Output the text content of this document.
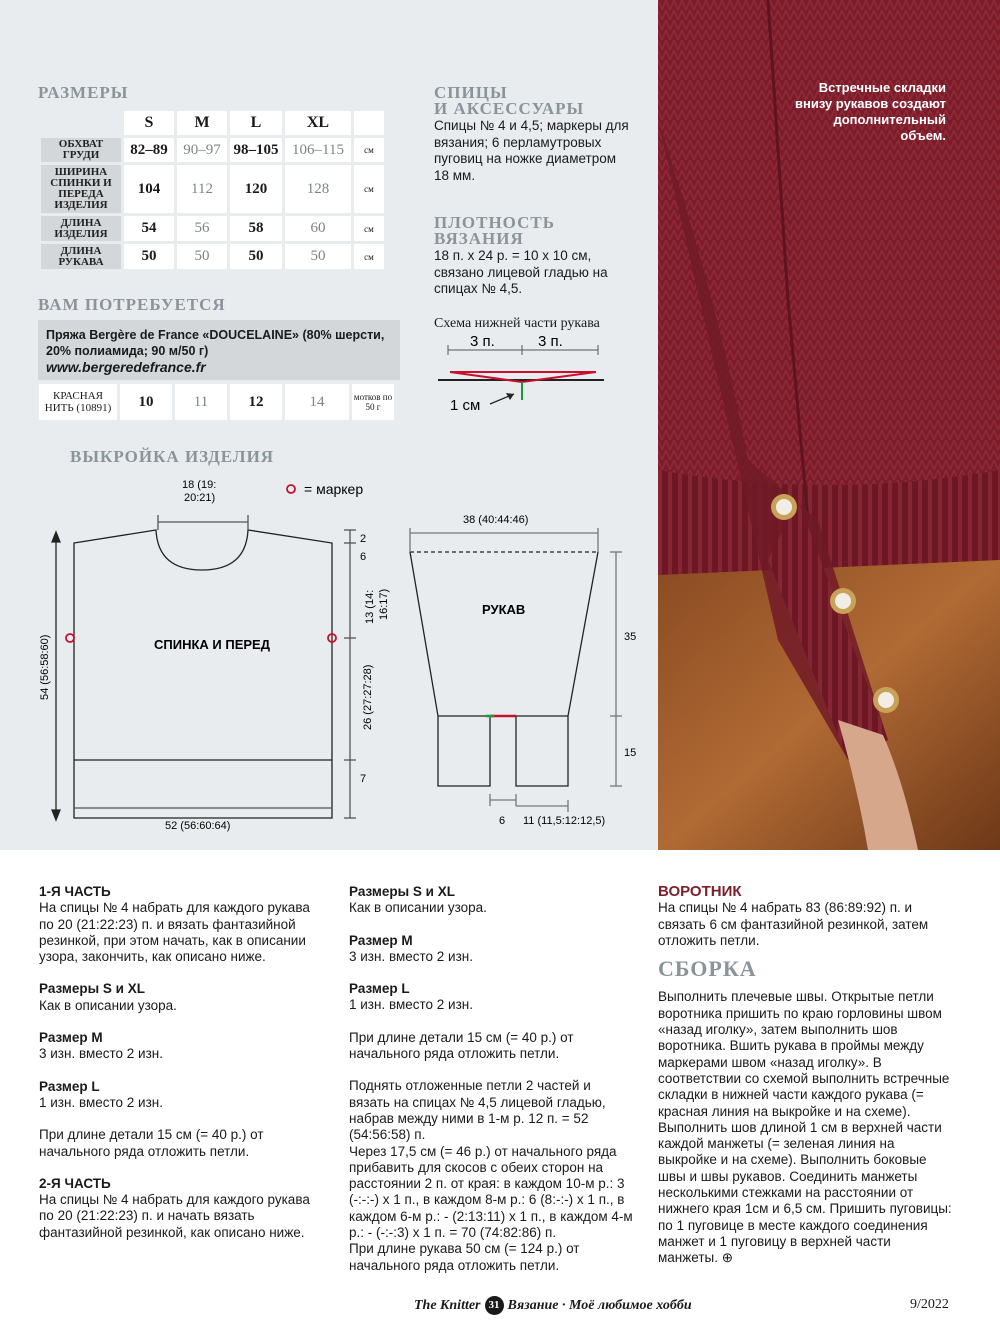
Встречные складки внизу рукавов создают дополнительный объем.
РАЗМЕРЫ
	S	M	L	XL	
ОБХВАТ ГРУДИ	82–89	90–97	98–105	106–115	см
ШИРИНА СПИНКИ И ПЕРЕДА ИЗДЕЛИЯ	104	112	120	128	см
ДЛИНА ИЗДЕЛИЯ	54	56	58	60	см
ДЛИНА РУКАВА	50	50	50	50	см
ВАМ ПОТРЕБУЕТСЯ
Пряжа Bergère de France «DOUCELAINE» (80% шерсти,
20% полиамида; 90 м/50 г)
www.bergeredefrance.fr
КРАСНАЯ НИТЬ (10891)	10	11	12	14	мотков по 50 г
СПИЦЫ
И АКСЕССУАРЫ
Спицы № 4 и 4,5; маркеры для вязания; 6 перламутровых пуговиц на ножке диаметром 18 мм.
ПЛОТНОСТЬ
ВЯЗАНИЯ
18 п. х 24 р. = 10 х 10 см, связано лицевой гладью на спицах № 4,5.
Схема нижней части рукава
3 п.	3 п.
1 см
= маркер
18 (19:
20:21)
СПИНКА И ПЕРЕД
2
6
7
13 (14: 16:17)
26 (27:27:28)
54 (56:58:60)
52 (56:60:64)
РУКАВ
38 (40:44:46)
35
15
6 11 (11,5:12:12,5)
ВЫКРОЙКА ИЗДЕЛИЯ
1-Я ЧАСТЬ

На спицы № 4 набрать для каждого рукава по 20 (21:22:23) п. и вязать фантазийной резинкой, при этом начать, как в описании узора, закончить, как описано ниже.

Размеры S и XL

Как в описании узора.

Размер М

3 изн. вместо 2 изн.

Размер L

1 изн. вместо 2 изн.

При длине детали 15 см (= 40 р.) от начального ряда отложить петли.

2-Я ЧАСТЬ

На спицы № 4 набрать для каждого рукава по 20 (21:22:23) п. и начать вязать фантазийной резинкой, как описано ниже.

Размеры S и XL

Как в описании узора.

Размер М

3 изн. вместо 2 изн.

Размер L

1 изн. вместо 2 изн.

При длине детали 15 см (= 40 р.) от начального ряда отложить петли.

Поднять отложенные петли 2 частей и вязать на спицах № 4,5 лицевой гладью, набрав между ними в 1-м р. 12 п. = 52 (54:56:58) п.

Через 17,5 см (= 46 р.) от начального ряда прибавить для скосов с обеих сторон на расстоянии 2 п. от края: в каждом 10-м р.: 3 (-:-:-) х 1 п., в каждом 8-м р.: 6 (8:-:-) х 1 п., в каждом 6-м р.: - (2:13:11) х 1 п., в каждом 4-м р.: - (-:-:3) х 1 п. = 70 (74:82:86) п.

При длине рукава 50 см (= 124 р.) от начального ряда отложить петли.

ВОРОТНИК

На спицы № 4 набрать 83 (86:89:92) п. и связать 6 см фантазийной резинкой, затем отложить петли.

СБОРКА

Выполнить плечевые швы. Открытые петли воротника пришить по краю горловины швом «назад иголку», затем выполнить шов воротника. Вшить рукава в проймы между маркерами швом «назад иголку». В соответствии со схемой выполнить встречные складки в нижней части каждого рукава (= красная линия на выкройке и на схеме). Выполнить шов длиной 1 см в верхней части каждой манжеты (= зеленая линия на выкройке и на схеме). Выполнить боковые швы и швы рукавов. Соединить манжеты несколькими стежками на расстоянии от нижнего края 1см и 6,5 см. Пришить пуговицы: по 1 пуговице в месте каждого соединения манжет и 1 пуговицу в верхней части манжеты. ⊕
The Knitter 31 Вязание · Моё любимое хобби	9/2022
